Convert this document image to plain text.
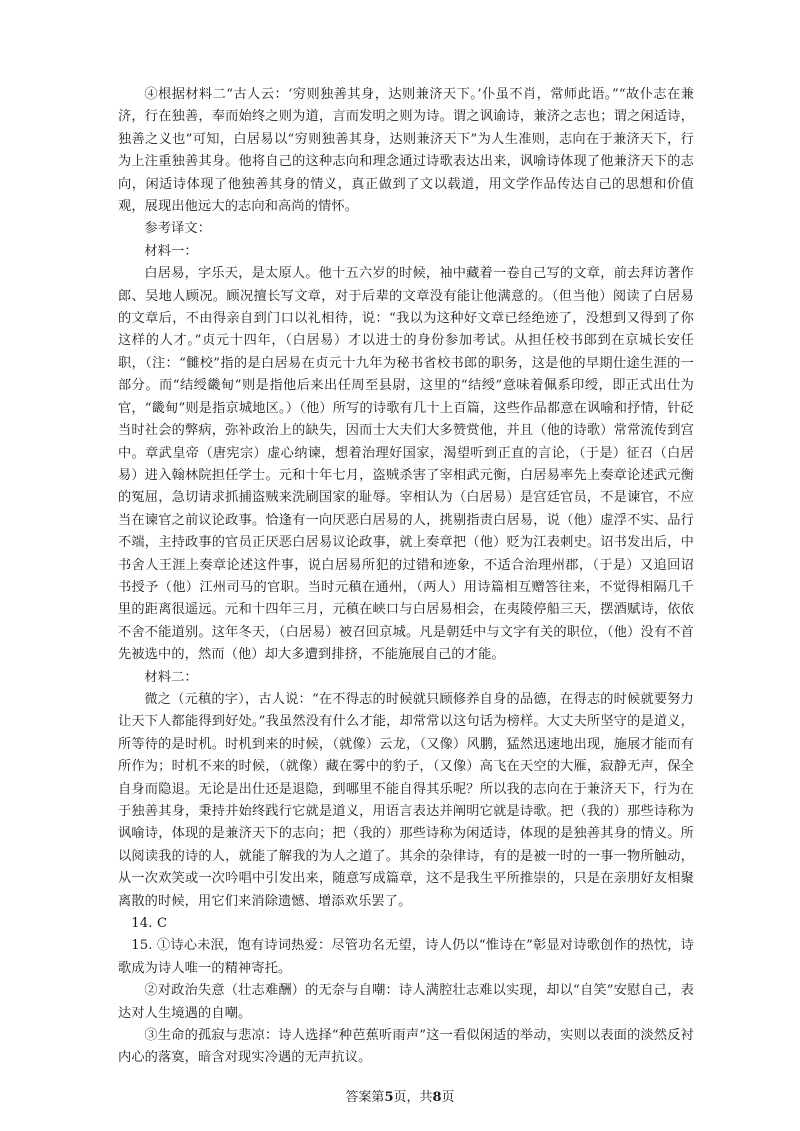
④根据材料二“古人云：‘穷则独善其身，达则兼济天下。’仆虽不肖，常师此语。”“故仆志在兼济，行在独善，奉而始终之则为道，言而发明之则为诗。谓之讽谕诗，兼济之志也；谓之闲适诗，独善之义也”可知，白居易以“穷则独善其身，达则兼济天下”为人生准则，志向在于兼济天下，行为上注重独善其身。他将自己的这种志向和理念通过诗歌表达出来，讽喻诗体现了他兼济天下的志向，闲适诗体现了他独善其身的情义，真正做到了文以载道，用文学作品传达自己的思想和价值观，展现出他远大的志向和高尚的情怀。

参考译文：

材料一：

白居易，字乐天，是太原人。他十五六岁的时候，袖中藏着一卷自己写的文章，前去拜访著作郎、吴地人顾况。顾况擅长写文章，对于后辈的文章没有能让他满意的。（但当他）阅读了白居易的文章后，不由得亲自到门口以礼相待，说：“我以为这种好文章已经绝迹了，没想到又得到了你这样的人才。”贞元十四年，（白居易）才以进士的身份参加考试。从担任校书郎到在京城长安任职，（注：“雠校”指的是白居易在贞元十九年为秘书省校书郎的职务，这是他的早期仕途生涯的一部分。而“结绶畿甸”则是指他后来出任周至县尉，这里的“结绶”意味着佩系印绶，即正式出仕为官，“畿甸”则是指京城地区。）（他）所写的诗歌有几十上百篇，这些作品都意在讽喻和抒情，针砭当时社会的弊病，弥补政治上的缺失，因而士大夫们大多赞赏他，并且（他的诗歌）常常流传到宫中。章武皇帝（唐宪宗）虚心纳谏，想着治理好国家，渴望听到正直的言论，（于是）征召（白居易）进入翰林院担任学士。元和十年七月，盗贼杀害了宰相武元衡，白居易率先上奏章论述武元衡的冤屈，急切请求抓捕盗贼来洗刷国家的耻辱。宰相认为（白居易）是宫廷官员，不是谏官，不应当在谏官之前议论政事。恰逢有一向厌恶白居易的人，挑剔指责白居易，说（他）虚浮不实、品行不端，主持政事的官员正厌恶白居易议论政事，就上奏章把（他）贬为江表刺史。诏书发出后，中书舍人王涯上奏章论述这件事，说白居易所犯的过错和迹象，不适合治理州郡，（于是）又追回诏书授予（他）江州司马的官职。当时元稹在通州，（两人）用诗篇相互赠答往来，不觉得相隔几千里的距离很遥远。元和十四年三月，元稹在峡口与白居易相会，在夷陵停船三天，摆酒赋诗，依依不舍不能道别。这年冬天，（白居易）被召回京城。凡是朝廷中与文字有关的职位，（他）没有不首先被选中的，然而（他）却大多遭到排挤，不能施展自己的才能。

材料二：

微之（元稹的字），古人说：“在不得志的时候就只顾修养自身的品德，在得志的时候就要努力让天下人都能得到好处。”我虽然没有什么才能，却常常以这句话为榜样。大丈夫所坚守的是道义，所等待的是时机。时机到来的时候，（就像）云龙，（又像）风鹏，猛然迅速地出现，施展才能而有所作为；时机不来的时候，（就像）藏在雾中的豹子，（又像）高飞在天空的大雁，寂静无声，保全自身而隐退。无论是出仕还是退隐，到哪里不能自得其乐呢？所以我的志向在于兼济天下，行为在于独善其身，秉持并始终践行它就是道义，用语言表达并阐明它就是诗歌。把（我的）那些诗称为讽喻诗，体现的是兼济天下的志向；把（我的）那些诗称为闲适诗，体现的是独善其身的情义。所以阅读我的诗的人，就能了解我的为人之道了。其余的杂律诗，有的是被一时的一事一物所触动，从一次欢笑或一次吟唱中引发出来，随意写成篇章，这不是我生平所推崇的，只是在亲朋好友相聚离散的时候，用它们来消除遗憾、增添欢乐罢了。

14. C

15. ①诗心未泯，饱有诗词热爱：尽管功名无望，诗人仍以“惟诗在”彰显对诗歌创作的热忱，诗歌成为诗人唯一的精神寄托。

②对政治失意（壮志难酬）的无奈与自嘲：诗人满腔壮志难以实现，却以“自笑”安慰自己，表达对人生境遇的自嘲。

③生命的孤寂与悲凉：诗人选择“种芭蕉听雨声”这一看似闲适的举动，实则以表面的淡然反衬内心的落寞，暗含对现实冷遇的无声抗议。

答案第5页，共8页
